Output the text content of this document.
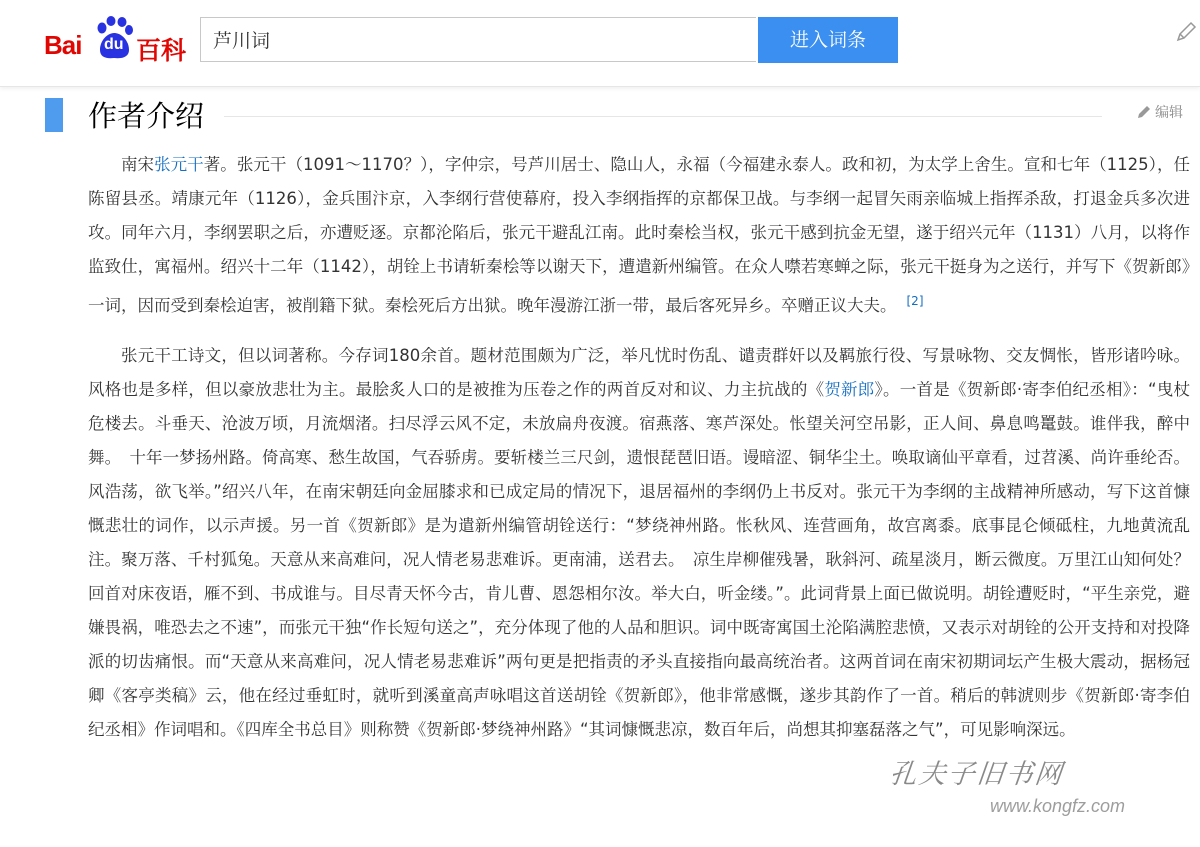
Bai du 百科
芦川词	进入词条
作者介绍	编辑

南宋张元干著。张元干（1091～1170？），字仲宗，号芦川居士、隐山人，永福（今福建永泰人。政和初，为太学上舍生。宣和七年（1125），任陈留县丞。靖康元年（1126），金兵围汴京，入李纲行营使幕府，投入李纲指挥的京都保卫战。与李纲一起冒矢雨亲临城上指挥杀敌，打退金兵多次进攻。同年六月，李纲罢职之后，亦遭贬逐。京都沦陷后，张元干避乱江南。此时秦桧当权，张元干感到抗金无望，遂于绍兴元年（1131）八月，以将作监致仕，寓福州。绍兴十二年（1142），胡铨上书请斩秦桧等以谢天下，遭遣新州编管。在众人噤若寒蝉之际，张元干挺身为之送行，并写下《贺新郎》一词，因而受到秦桧迫害，被削籍下狱。秦桧死后方出狱。晚年漫游江浙一带，最后客死异乡。卒赠正议大夫。 [2]

张元干工诗文，但以词著称。今存词180余首。题材范围颇为广泛，举凡忧时伤乱、谴责群奸以及羁旅行役、写景咏物、交友惆怅，皆形诸吟咏。风格也是多样，但以豪放悲壮为主。最脍炙人口的是被推为压卷之作的两首反对和议、力主抗战的《贺新郎》。一首是《贺新郎·寄李伯纪丞相》：“曳杖危楼去。斗垂天、沧波万顷，月流烟渚。扫尽浮云风不定，未放扁舟夜渡。宿燕落、寒芦深处。怅望关河空吊影，正人间、鼻息鸣鼍鼓。谁伴我，醉中舞。　十年一梦扬州路。倚高寒、愁生故国，气吞骄虏。要斩楼兰三尺剑，遗恨琵琶旧语。谩暗涩、铜华尘土。唤取谪仙平章看，过苕溪、尚许垂纶否。风浩荡，欲飞举。”绍兴八年，在南宋朝廷向金屈膝求和已成定局的情况下，退居福州的李纲仍上书反对。张元干为李纲的主战精神所感动，写下这首慷慨悲壮的词作，以示声援。另一首《贺新郎》是为遣新州编管胡铨送行：“梦绕神州路。怅秋风、连营画角，故宫离黍。底事昆仑倾砥柱，九地黄流乱注。聚万落、千村狐兔。天意从来高难问，况人情老易悲难诉。更南浦，送君去。　凉生岸柳催残暑，耿斜河、疏星淡月，断云微度。万里江山知何处？回首对床夜语，雁不到、书成谁与。目尽青天怀今古，肯儿曹、恩怨相尔汝。举大白，听金缕。”。此词背景上面已做说明。胡铨遭贬时，“平生亲党，避嫌畏祸，唯恐去之不速”，而张元干独“作长短句送之”，充分体现了他的人品和胆识。词中既寄寓国土沦陷满腔悲愤，又表示对胡铨的公开支持和对投降派的切齿痛恨。而“天意从来高难问，况人情老易悲难诉”两句更是把指责的矛头直接指向最高统治者。这两首词在南宋初期词坛产生极大震动，据杨冠卿《客亭类稿》云，他在经过垂虹时，就听到溪童高声咏唱这首送胡铨《贺新郎》，他非常感慨，遂步其韵作了一首。稍后的韩淲则步《贺新郎·寄李伯纪丞相》作词唱和。《四库全书总目》则称赞《贺新郎·梦绕神州路》“其词慷慨悲凉，数百年后，尚想其抑塞磊落之气”，可见影响深远。

孔夫子旧书网
www.kongfz.com
